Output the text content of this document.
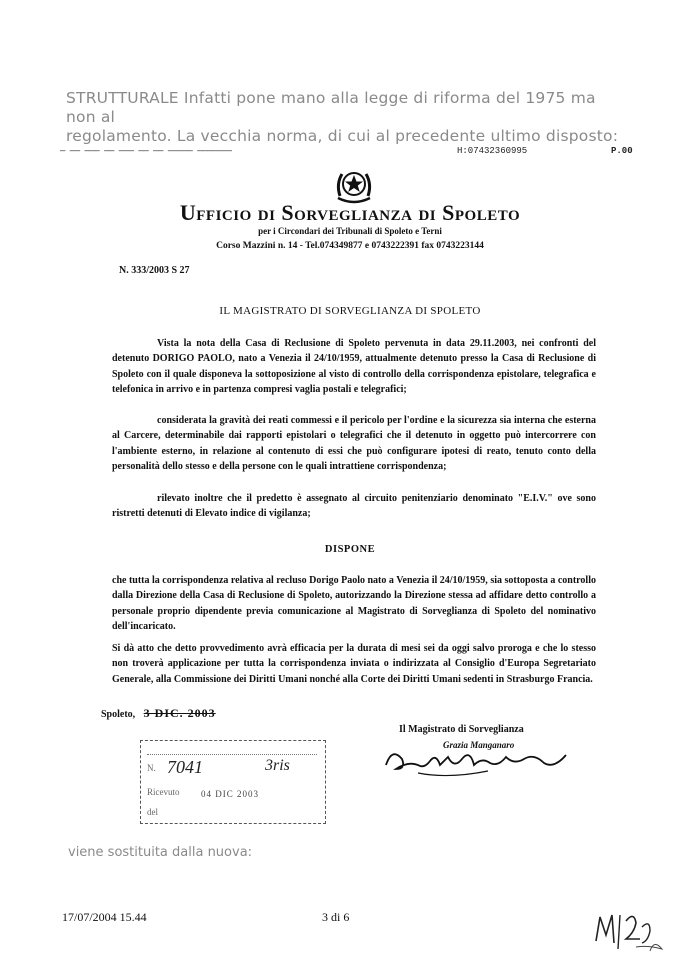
STRUTTURALE Infatti pone mano alla legge di riforma del 1975 ma non al
regolamento. La vecchia norma, di cui al precedente ultimo disposto:
— —— ——— —— ——— —— —— ————— ———————	H:07432360995	P.00
Ufficio di Sorveglianza di Spoleto
per i Circondari dei Tribunali di Spoleto e Terni
Corso Mazzini n. 14 - Tel.074349877 e 0743222391 fax 0743223144
N. 333/2003 S 27
IL MAGISTRATO DI SORVEGLIANZA DI SPOLETO
Vista la nota della Casa di Reclusione di Spoleto pervenuta in data 29.11.2003, nei confronti del detenuto DORIGO PAOLO, nato a Venezia il 24/10/1959, attualmente detenuto presso la Casa di Reclusione di Spoleto con il quale disponeva la sottoposizione al visto di controllo della corrispondenza epistolare, telegrafica e telefonica in arrivo e in partenza compresi vaglia postali e telegrafici;
considerata la gravità dei reati commessi e il pericolo per l'ordine e la sicurezza sia interna che esterna al Carcere, determinabile dai rapporti epistolari o telegrafici che il detenuto in oggetto può intercorrere con l'ambiente esterno, in relazione al contenuto di essi che può configurare ipotesi di reato, tenuto conto della personalità dello stesso e della persone con le quali intrattiene corrispondenza;
rilevato inoltre che il predetto è assegnato al circuito penitenziario denominato "E.I.V." ove sono ristretti detenuti di Elevato indice di vigilanza;
DISPONE
che tutta la corrispondenza relativa al recluso Dorigo Paolo nato a Venezia il 24/10/1959, sia sottoposta a controllo dalla Direzione della Casa di Reclusione di Spoleto, autorizzando la Direzione stessa ad affidare detto controllo a personale proprio dipendente previa comunicazione al Magistrato di Sorveglianza di Spoleto del nominativo dell'incaricato.
Si dà atto che detto provvedimento avrà efficacia per la durata di mesi sei da oggi salvo proroga e che lo stesso non troverà applicazione per tutta la corrispondenza inviata o indirizzata al Consiglio d'Europa Segretariato Generale, alla Commissione dei Diritti Umani nonché alla Corte dei Diritti Umani sedenti in Strasburgo Francia.
Spoleto, 3 DIC. 2003
Il Magistrato di Sorveglianza
Grazia Manganaro
N. 7041	3ris
Ricevuto 04 DIC 2003
del
viene sostituita dalla nuova:
17/07/2004 15.44	3 di 6
